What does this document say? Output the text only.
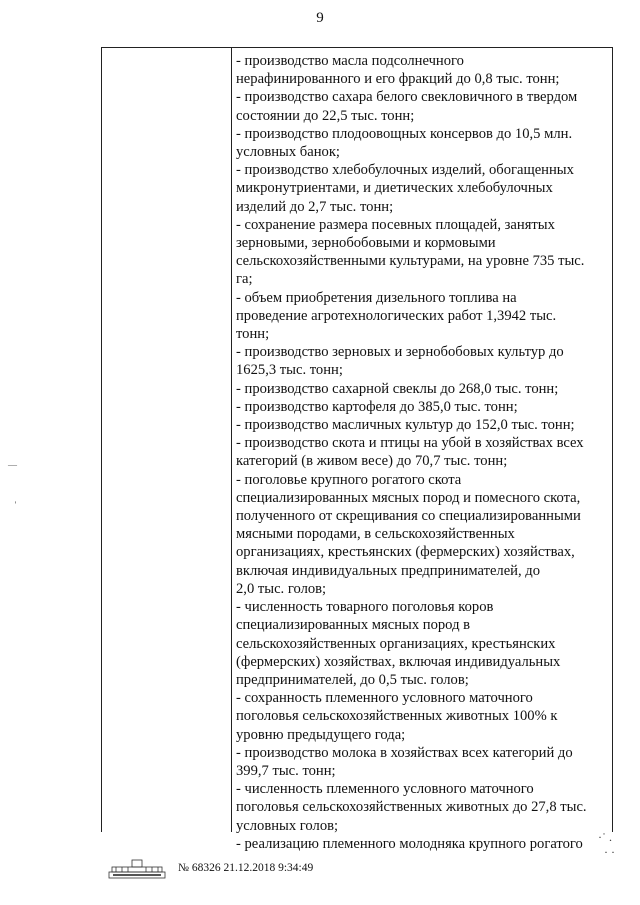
9
- производство масла подсолнечного
нерафинированного и его фракций до 0,8 тыс. тонн;
- производство сахара белого свекловичного в твердом
состоянии до 22,5 тыс. тонн;
- производство плодоовощных консервов до 10,5 млн.
условных банок;
- производство хлебобулочных изделий, обогащенных
микронутриентами, и диетических хлебобулочных
изделий до 2,7 тыс. тонн;
- сохранение размера посевных площадей, занятых
зерновыми, зернобобовыми и кормовыми
сельскохозяйственными культурами, на уровне 735 тыс.
га;
- объем приобретения дизельного топлива на
проведение агротехнологических работ 1,3942 тыс.
тонн;
- производство зерновых и зернобобовых культур до
1625,3 тыс. тонн;
- производство сахарной свеклы до 268,0 тыс. тонн;
- производство картофеля до 385,0 тыс. тонн;
- производство масличных культур до 152,0 тыс. тонн;
- производство скота и птицы на убой в хозяйствах всех
категорий (в живом весе) до 70,7 тыс. тонн;
- поголовье крупного рогатого скота
специализированных мясных пород и помесного скота,
полученного от скрещивания со специализированными
мясными породами, в сельскохозяйственных
организациях, крестьянских (фермерских) хозяйствах,
включая индивидуальных предпринимателей, до
2,0 тыс. голов;
- численность товарного поголовья коров
специализированных мясных пород в
сельскохозяйственных организациях, крестьянских
(фермерских) хозяйствах, включая индивидуальных
предпринимателей, до 0,5 тыс. голов;
- сохранность племенного условного маточного
поголовья сельскохозяйственных животных 100% к
уровню предыдущего года;
- производство молока в хозяйствах всех категорий до
399,7 тыс. тонн;
- численность племенного условного маточного
поголовья сельскохозяйственных животных до 27,8 тыс.
условных голов;
- реализацию племенного молодняка крупного рогатого
—

'
·˙ .
· ·
№ 68326 21.12.2018 9:34:49
